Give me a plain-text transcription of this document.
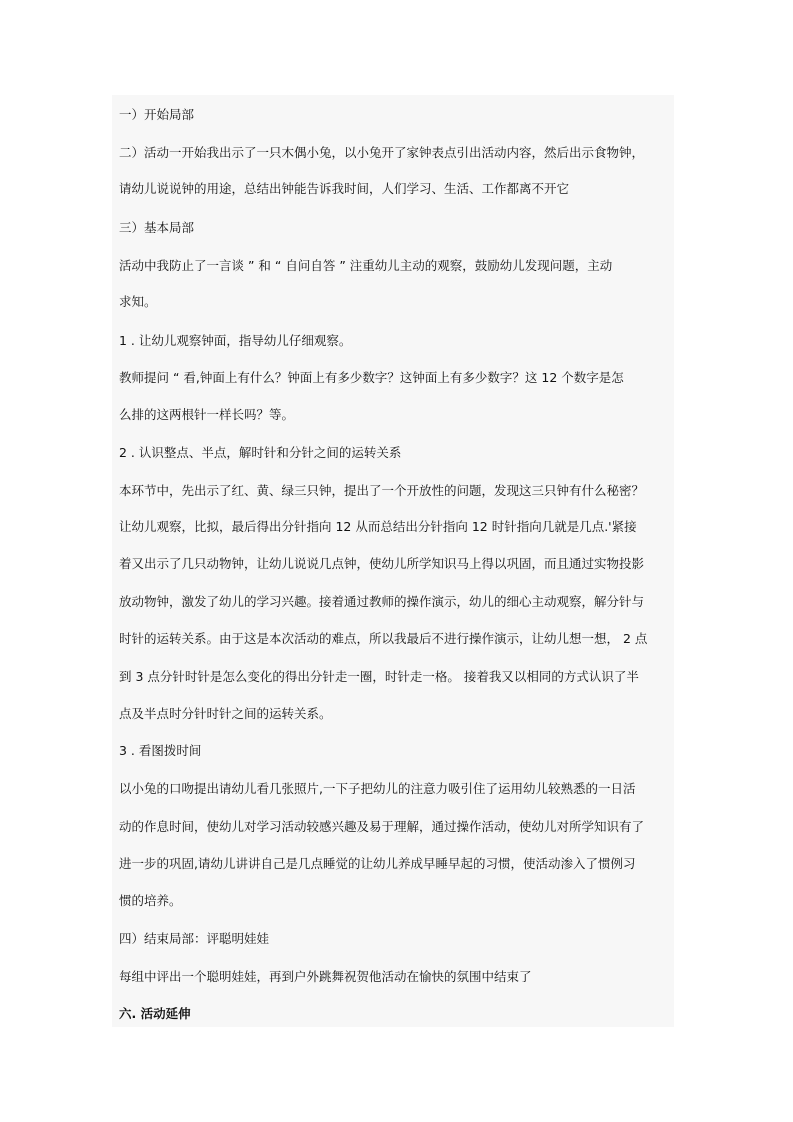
一）开始局部
二）活动一开始我出示了一只木偶小兔，以小兔开了家钟表点引出活动内容，然后出示食物钟，
请幼儿说说钟的用途，总结出钟能告诉我时间，人们学习、生活、工作都离不开它
三）基本局部
活动中我防止了一言谈 ” 和 “ 自问自答 ” 注重幼儿主动的观察，鼓励幼儿发现问题，主动
求知。
1 . 让幼儿观察钟面，指导幼儿仔细观察。
教师提问 “ 看,钟面上有什么？钟面上有多少数字？这钟面上有多少数字？这 12 个数字是怎
么排的这两根针一样长吗？等。
2 . 认识整点、半点，解时针和分针之间的运转关系
本环节中，先出示了红、黄、绿三只钟，提出了一个开放性的问题，发现这三只钟有什么秘密？
让幼儿观察，比拟，最后得出分针指向 12 从而总结出分针指向 12 时针指向几就是几点.'紧接
着又出示了几只动物钟，让幼儿说说几点钟，使幼儿所学知识马上得以巩固，而且通过实物投影
放动物钟，激发了幼儿的学习兴趣。接着通过教师的操作演示，幼儿的细心主动观察，解分针与
时针的运转关系。由于这是本次活动的难点，所以我最后不进行操作演示，让幼儿想一想， 2 点
到 3 点分针时针是怎么变化的得出分针走一圈，时针走一格。 接着我又以相同的方式认识了半
点及半点时分针时针之间的运转关系。
3 . 看图拨时间
以小兔的口吻提出请幼儿看几张照片,一下子把幼儿的注意力吸引住了运用幼儿较熟悉的一日活
动的作息时间，使幼儿对学习活动较感兴趣及易于理解，通过操作活动，使幼儿对所学知识有了
进一步的巩固,请幼儿讲讲自己是几点睡觉的让幼儿养成早睡早起的习惯，使活动渗入了惯例习
惯的培养。
四）结束局部：评聪明娃娃
每组中评出一个聪明娃娃，再到户外跳舞祝贺他活动在愉快的氛围中结束了
六. 活动延伸
